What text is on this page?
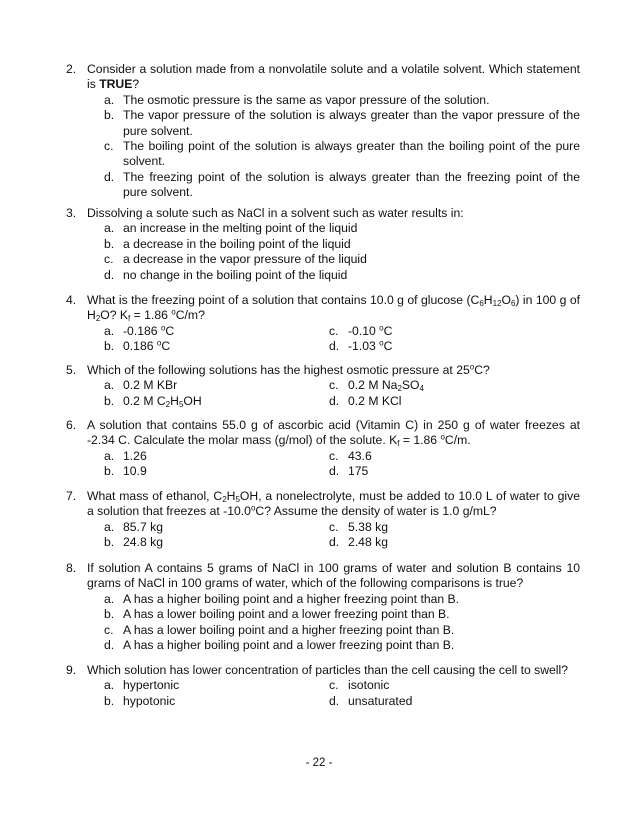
2. Consider a solution made from a nonvolatile solute and a volatile solvent. Which statement is TRUE?
a. The osmotic pressure is the same as vapor pressure of the solution.
b. The vapor pressure of the solution is always greater than the vapor pressure of the pure solvent.
c. The boiling point of the solution is always greater than the boiling point of the pure solvent.
d. The freezing point of the solution is always greater than the freezing point of the pure solvent.
3. Dissolving a solute such as NaCl in a solvent such as water results in:
a. an increase in the melting point of the liquid
b. a decrease in the boiling point of the liquid
c. a decrease in the vapor pressure of the liquid
d. no change in the boiling point of the liquid
4. What is the freezing point of a solution that contains 10.0 g of glucose $(C_6H_{12}O_6)$ in 100 g of $H_2O$? $K_f = 1.86$ $^o$C/m?
a. -0.186 $^o$C	c. -0.10 $^o$C
b. 0.186 $^o$C	d. -1.03 $^o$C
5. Which of the following solutions has the highest osmotic pressure at 25$^o$C?
a. 0.2 M KBr	c. 0.2 M $Na_2SO_4$
b. 0.2 M $C_2H_5OH$	d. 0.2 M KCl
6. A solution that contains 55.0 g of ascorbic acid (Vitamin C) in 250 g of water freezes at -2.34 C. Calculate the molar mass (g/mol) of the solute. $K_f = 1.86$ $^o$C/m.
a. 1.26	c. 43.6
b. 10.9	d. 175
7. What mass of ethanol, $C_2H_5OH$, a nonelectrolyte, must be added to 10.0 L of water to give a solution that freezes at -10.0$^o$C? Assume the density of water is 1.0 g/mL?
a. 85.7 kg	c. 5.38 kg
b. 24.8 kg	d. 2.48 kg
8. If solution A contains 5 grams of NaCl in 100 grams of water and solution B contains 10 grams of NaCl in 100 grams of water, which of the following comparisons is true?
a. A has a higher boiling point and a higher freezing point than B.
b. A has a lower boiling point and a lower freezing point than B.
c. A has a lower boiling point and a higher freezing point than B.
d. A has a higher boiling point and a lower freezing point than B.
9. Which solution has lower concentration of particles than the cell causing the cell to swell?
a. hypertonic	c. isotonic
b. hypotonic	d. unsaturated
- 22 -
